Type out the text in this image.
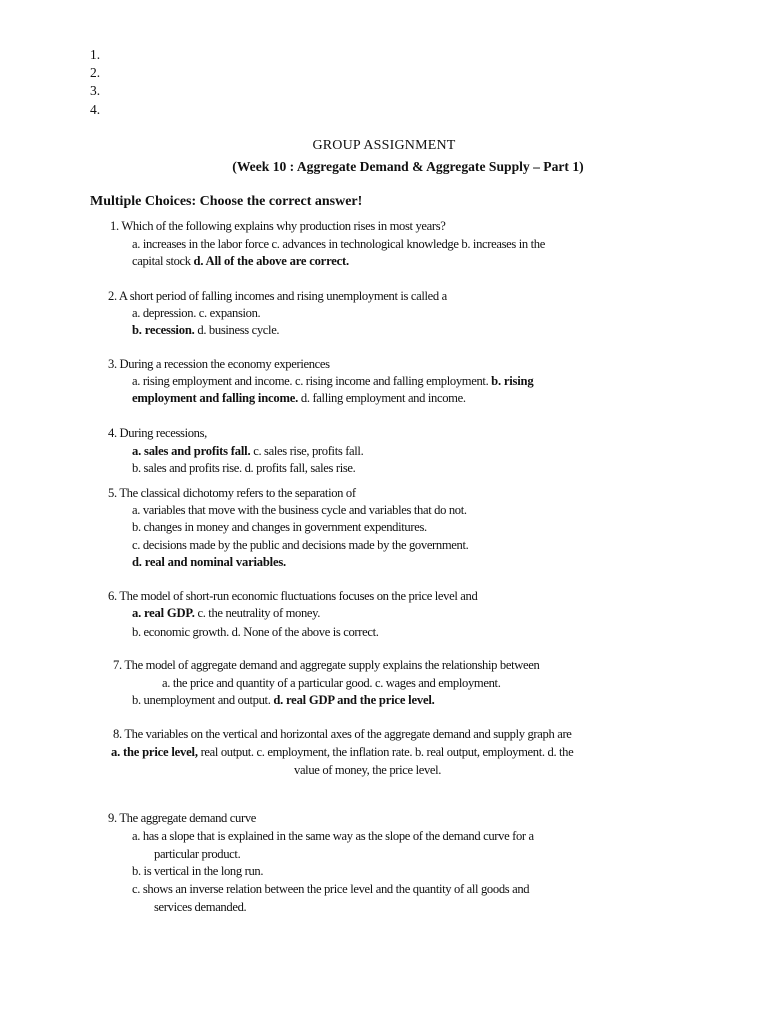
1.
2.
3.
4.
GROUP ASSIGNMENT
(Week 10 : Aggregate Demand & Aggregate Supply – Part 1)
Multiple Choices: Choose the correct answer!
1. Which of the following explains why production rises in most years?
a. increases in the labor force c. advances in technological knowledge b. increases in the
capital stock d. All of the above are correct.
2. A short period of falling incomes and rising unemployment is called a
a. depression. c. expansion.
b. recession. d. business cycle.
3. During a recession the economy experiences
a. rising employment and income. c. rising income and falling employment. b. rising
employment and falling income. d. falling employment and income.
4. During recessions,
a. sales and profits fall. c. sales rise, profits fall.
b. sales and profits rise. d. profits fall, sales rise.
5. The classical dichotomy refers to the separation of
a. variables that move with the business cycle and variables that do not.
b. changes in money and changes in government expenditures.
c. decisions made by the public and decisions made by the government.
d. real and nominal variables.
6. The model of short-run economic fluctuations focuses on the price level and
a. real GDP. c. the neutrality of money.
b. economic growth. d. None of the above is correct.
7. The model of aggregate demand and aggregate supply explains the relationship between
a. the price and quantity of a particular good. c. wages and employment.
b. unemployment and output. d. real GDP and the price level.
8. The variables on the vertical and horizontal axes of the aggregate demand and supply graph are
a. the price level, real output. c. employment, the inflation rate. b. real output, employment. d. the
value of money, the price level.
9. The aggregate demand curve
a. has a slope that is explained in the same way as the slope of the demand curve for a
particular product.
b. is vertical in the long run.
c. shows an inverse relation between the price level and the quantity of all goods and
services demanded.
